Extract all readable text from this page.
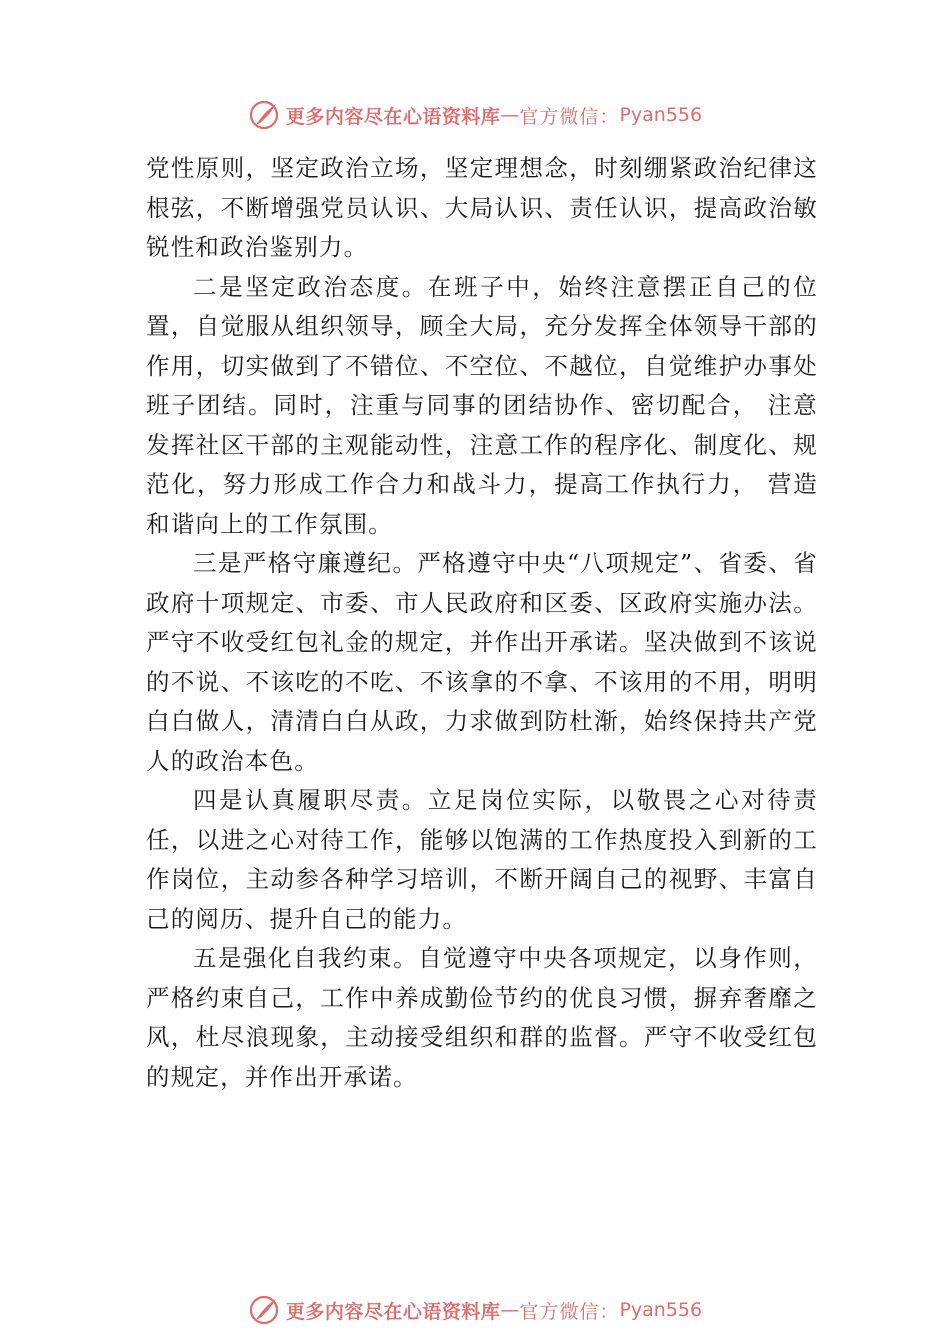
更多内容尽在心语资料库 — 官方微信： Pyan556

党性原则，坚定政治立场，坚定理想念，时刻绷紧政治纪律这根弦，不断增强党员认识、大局认识、责任认识，提高政治敏锐性和政治鉴别力。

二是坚定政治态度。在班子中，始终注意摆正自己的位置，自觉服从组织领导，顾全大局，充分发挥全体领导干部的作用，切实做到了不错位、不空位、不越位，自觉维护办事处班子团结。同时，注重与同事的团结协作、密切配合， 注意发挥社区干部的主观能动性，注意工作的程序化、制度化、规范化，努力形成工作合力和战斗力，提高工作执行力， 营造和谐向上的工作氛围。

三是严格守廉遵纪。严格遵守中央“八项规定”、省委、省政府十项规定、市委、市人民政府和区委、区政府实施办法。严守不收受红包礼金的规定，并作出开承诺。坚决做到不该说的不说、不该吃的不吃、不该拿的不拿、不该用的不用，明明白白做人，清清白白从政，力求做到防杜渐，始终保持共产党人的政治本色。

四是认真履职尽责。立足岗位实际，以敬畏之心对待责任，以进之心对待工作，能够以饱满的工作热度投入到新的工作岗位，主动参各种学习培训，不断开阔自己的视野、丰富自己的阅历、提升自己的能力。

五是强化自我约束。自觉遵守中央各项规定，以身作则，严格约束自己，工作中养成勤俭节约的优良习惯，摒弃奢靡之风，杜尽浪现象，主动接受组织和群的监督。严守不收受红包的规定，并作出开承诺。

更多内容尽在心语资料库 — 官方微信： Pyan556
